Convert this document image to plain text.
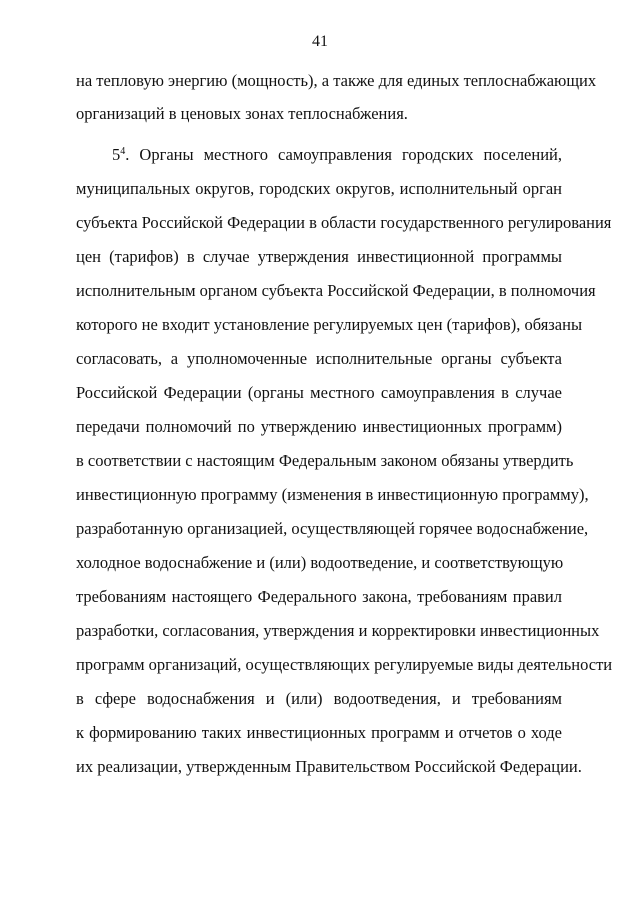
41
на тепловую энергию (мощность), а также для единых теплоснабжающих
организаций в ценовых зонах теплоснабжения.
$5^4$. Органы местного самоуправления городских поселений,
муниципальных округов, городских округов, исполнительный орган
субъекта Российской Федерации в области государственного регулирования
цен (тарифов) в случае утверждения инвестиционной программы
исполнительным органом субъекта Российской Федерации, в полномочия
которого не входит установление регулируемых цен (тарифов), обязаны
согласовать, а уполномоченные исполнительные органы субъекта
Российской Федерации (органы местного самоуправления в случае
передачи полномочий по утверждению инвестиционных программ)
в соответствии с настоящим Федеральным законом обязаны утвердить
инвестиционную программу (изменения в инвестиционную программу),
разработанную организацией, осуществляющей горячее водоснабжение,
холодное водоснабжение и (или) водоотведение, и соответствующую
требованиям настоящего Федерального закона, требованиям правил
разработки, согласования, утверждения и корректировки инвестиционных
программ организаций, осуществляющих регулируемые виды деятельности
в сфере водоснабжения и (или) водоотведения, и требованиям
к формированию таких инвестиционных программ и отчетов о ходе
их реализации, утвержденным Правительством Российской Федерации.
